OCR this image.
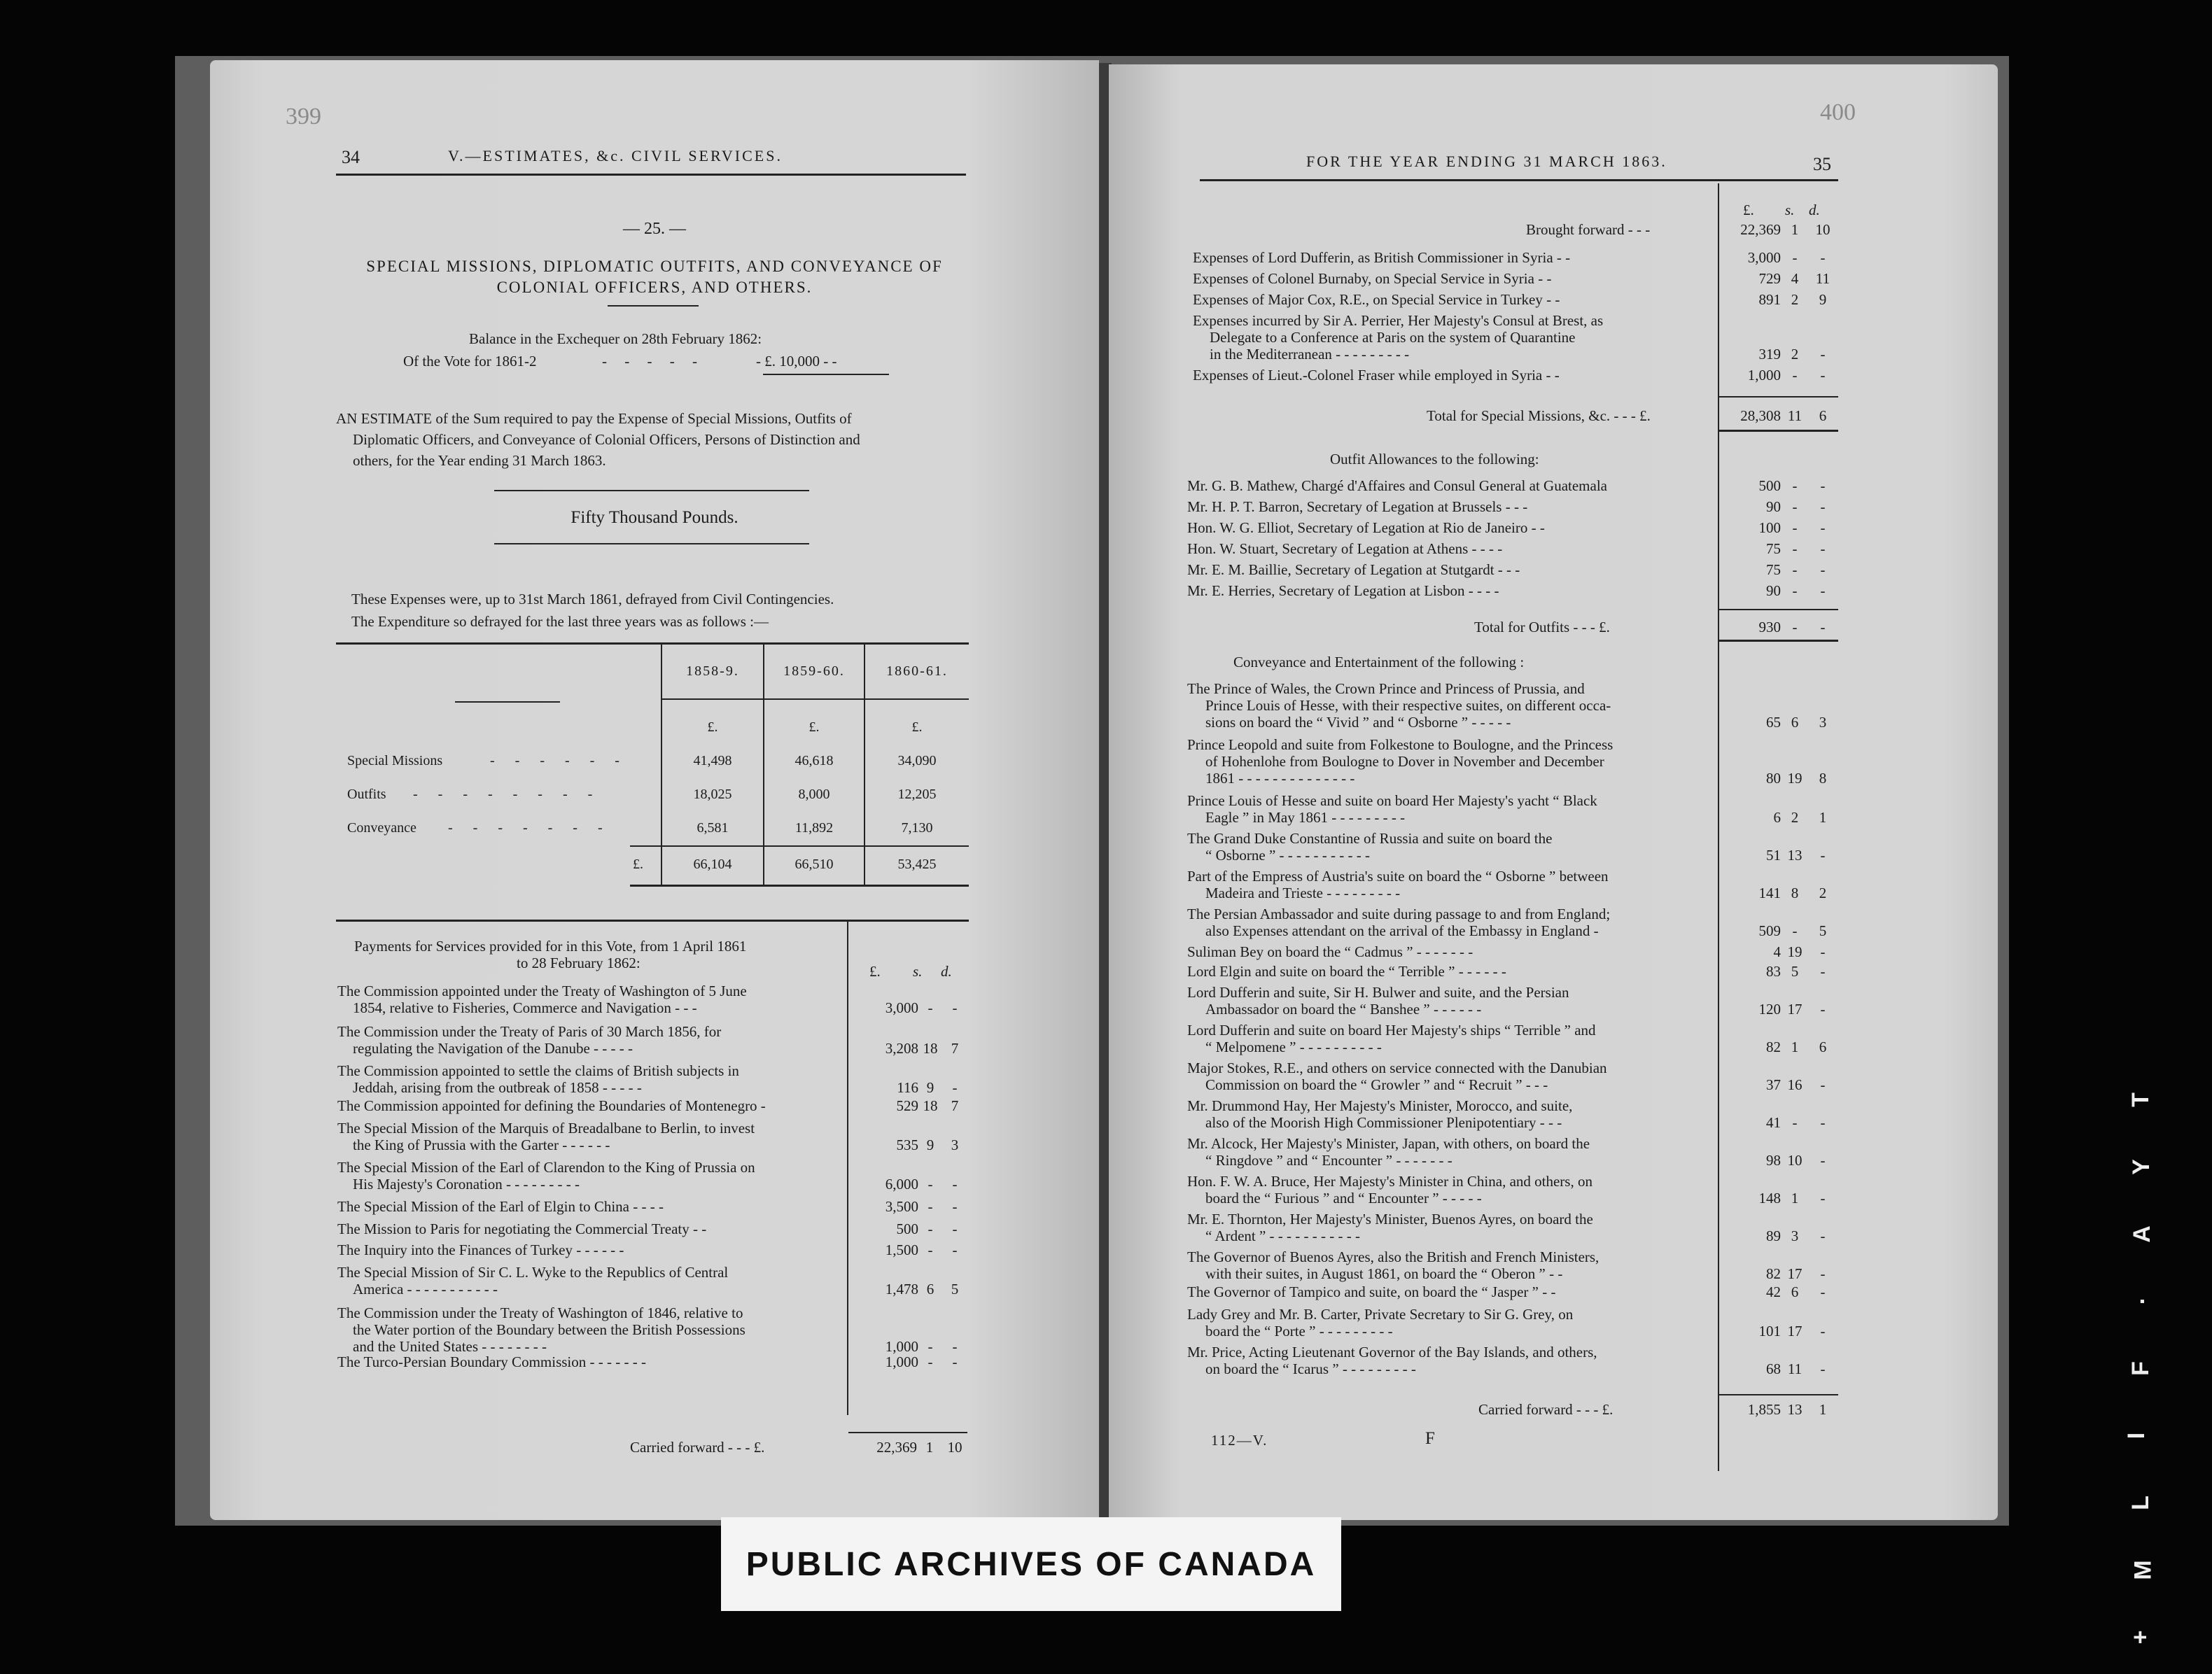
399
34	V.—ESTIMATES, &c. CIVIL SERVICES.
— 25. —
SPECIAL MISSIONS, DIPLOMATIC OUTFITS, AND CONVEYANCE OF
COLONIAL OFFICERS, AND OTHERS.
Balance in the Exchequer on 28th February 1862:
Of the Vote for 1861-2	- - - - -	- £. 10,000 - -
AN ESTIMATE of the Sum required to pay the Expense of Special Missions, Outfits of
Diplomatic Officers, and Conveyance of Colonial Officers, Persons of Distinction and
others, for the Year ending 31 March 1863.
Fifty Thousand Pounds.
These Expenses were, up to 31st March 1861, defrayed from Civil Contingencies.
The Expenditure so defrayed for the last three years was as follows :—
1858-9.	1859-60.	1860-61.
£.	£.	£.
Special Missions	- - - - - -	41,498	46,618	34,090
Outfits - - - - - - - -	18,025	8,000	12,205
Conveyance - - - - - - -	6,581	11,892	7,130
£.	66,104	66,510	53,425
Payments for Services provided for in this Vote, from 1 April 1861
to 28 February 1862:	£. s. d.
The Commission appointed under the Treaty of Washington of 5 June
1854, relative to Fisheries, Commerce and Navigation - - -	3,000 -	-
The Commission under the Treaty of Paris of 30 March 1856, for
regulating the Navigation of the Danube - - - - -	3,208 18 7
The Commission appointed to settle the claims of British subjects in
Jeddah, arising from the outbreak of 1858 - - - - -	116 9	-
The Commission appointed for defining the Boundaries of Montenegro -	529 18 7
The Special Mission of the Marquis of Breadalbane to Berlin, to invest
the King of Prussia with the Garter - - - - - -	535 9	3
The Special Mission of the Earl of Clarendon to the King of Prussia on
His Majesty's Coronation - - - - - - - - -	6,000 -	-
The Special Mission of the Earl of Elgin to China - - - -	3,500 -	-
The Mission to Paris for negotiating the Commercial Treaty - -	500 -	-
The Inquiry into the Finances of Turkey - - - - - -	1,500 -	-
The Special Mission of Sir C. L. Wyke to the Republics of Central
America - - - - - - - - - - -	1,478 6	5
The Commission under the Treaty of Washington of 1846, relative to
the Water portion of the Boundary between the British Possessions
and the United States - - - - - - - -	1,000 -	-
The Turco-Persian Boundary Commission - - - - - - -	1,000 -	-
Carried forward - - - £.	22,369 1 10
400
FOR THE YEAR ENDING 31 MARCH 1863.	35
£. s. d.
Brought forward - - -	22,369 1	10
Expenses of Lord Dufferin, as British Commissioner in Syria - -	3,000 -	-
Expenses of Colonel Burnaby, on Special Service in Syria - -	729 4	11
Expenses of Major Cox, R.E., on Special Service in Turkey - -	891 2	9
Expenses incurred by Sir A. Perrier, Her Majesty's Consul at Brest, as
Delegate to a Conference at Paris on the system of Quarantine
in the Mediterranean - - - - - - - - -	319 2	-
Expenses of Lieut.-Colonel Fraser while employed in Syria - -	1,000 -	-
Total for Special Missions, &c. - - - £.	28,308 11	6
Outfit Allowances to the following:
Mr. G. B. Mathew, Chargé d'Affaires and Consul General at Guatemala	500 -	-
Mr. H. P. T. Barron, Secretary of Legation at Brussels - - -	90 -	-
Hon. W. G. Elliot, Secretary of Legation at Rio de Janeiro - -	100 -	-
Hon. W. Stuart, Secretary of Legation at Athens - - - -	75 -	-
Mr. E. M. Baillie, Secretary of Legation at Stutgardt - - -	75 -	-
Mr. E. Herries, Secretary of Legation at Lisbon - - - -	90 -	-
Total for Outfits - - - £.	930 -	-
Conveyance and Entertainment of the following :
The Prince of Wales, the Crown Prince and Princess of Prussia, and
Prince Louis of Hesse, with their respective suites, on different occa-
sions on board the “ Vivid ” and “ Osborne ” - - - - -	65 6	3
Prince Leopold and suite from Folkestone to Boulogne, and the Princess
of Hohenlohe from Boulogne to Dover in November and December
1861 - - - - - - - - - - - - - -	80 19	8
Prince Louis of Hesse and suite on board Her Majesty's yacht “ Black
Eagle ” in May 1861 - - - - - - - - -	6 2	1
The Grand Duke Constantine of Russia and suite on board the
“ Osborne ” - - - - - - - - - - -	51 13	-
Part of the Empress of Austria's suite on board the “ Osborne ” between
Madeira and Trieste - - - - - - - - -	141 8	2
The Persian Ambassador and suite during passage to and from England;
also Expenses attendant on the arrival of the Embassy in England -	509 -	5
Suliman Bey on board the “ Cadmus ” - - - - - - -	4 19	-
Lord Elgin and suite on board the “ Terrible ” - - - - - -	83 5	-
Lord Dufferin and suite, Sir H. Bulwer and suite, and the Persian
Ambassador on board the “ Banshee ” - - - - - -	120 17	-
Lord Dufferin and suite on board Her Majesty's ships “ Terrible ” and
“ Melpomene ” - - - - - - - - - -	82 1	6
Major Stokes, R.E., and others on service connected with the Danubian
Commission on board the “ Growler ” and “ Recruit ” - - -	37 16	-
Mr. Drummond Hay, Her Majesty's Minister, Morocco, and suite,
also of the Moorish High Commissioner Plenipotentiary - - -	41 -	-
Mr. Alcock, Her Majesty's Minister, Japan, with others, on board the
“ Ringdove ” and “ Encounter ” - - - - - - -	98 10	-
Hon. F. W. A. Bruce, Her Majesty's Minister in China, and others, on
board the “ Furious ” and “ Encounter ” - - - - -	148 1	-
Mr. E. Thornton, Her Majesty's Minister, Buenos Ayres, on board the
“ Ardent ” - - - - - - - - - - -	89 3	-
The Governor of Buenos Ayres, also the British and French Ministers,
with their suites, in August 1861, on board the “ Oberon ” - -	82 17	-
The Governor of Tampico and suite, on board the “ Jasper ” - -	42 6	-
Lady Grey and Mr. B. Carter, Private Secretary to Sir G. Grey, on
board the “ Porte ” - - - - - - - - -	101 17	-
Mr. Price, Acting Lieutenant Governor of the Bay Islands, and others,
on board the “ Icarus ” - - - - - - - - -	68 11	-
Carried forward - - - £.	1,855 13	1
112—V.	F
PUBLIC ARCHIVES OF CANADA
+
M
L
I
F
.
A
Y
T
